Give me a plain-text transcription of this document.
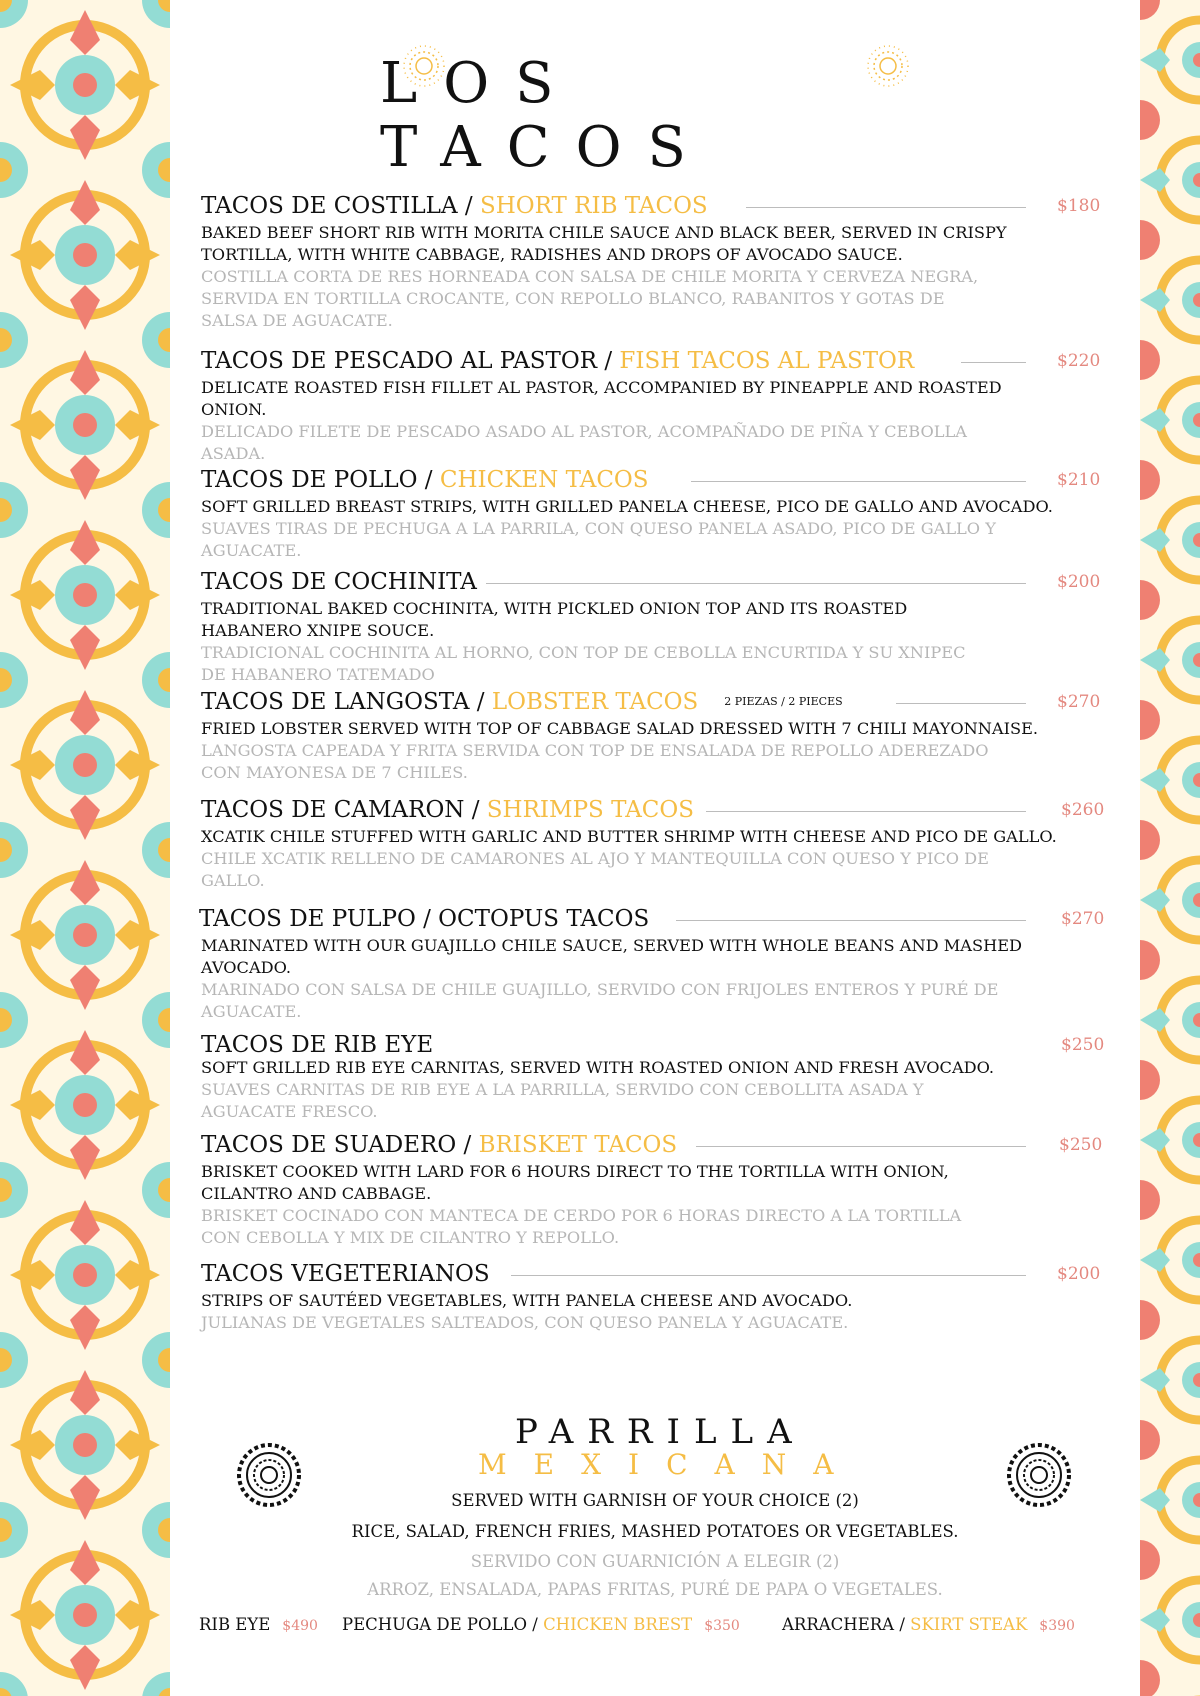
LOS TACOS
TACOS DE COSTILLA / SHORT RIB TACOS	$180
BAKED BEEF SHORT RIB WITH MORITA CHILE SAUCE AND BLACK BEER, SERVED IN CRISPY
TORTILLA, WITH WHITE CABBAGE, RADISHES AND DROPS OF AVOCADO SAUCE.
COSTILLA CORTA DE RES HORNEADA CON SALSA DE CHILE MORITA Y CERVEZA NEGRA,
SERVIDA EN TORTILLA CROCANTE, CON REPOLLO BLANCO, RABANITOS Y GOTAS DE
SALSA DE AGUACATE.
TACOS DE PESCADO AL PASTOR / FISH TACOS AL PASTOR	$220
DELICATE ROASTED FISH FILLET AL PASTOR, ACCOMPANIED BY PINEAPPLE AND ROASTED
ONION.
DELICADO FILETE DE PESCADO ASADO AL PASTOR, ACOMPAÑADO DE PIÑA Y CEBOLLA
ASADA.
TACOS DE POLLO / CHICKEN TACOS	$210
SOFT GRILLED BREAST STRIPS, WITH GRILLED PANELA CHEESE, PICO DE GALLO AND AVOCADO.
SUAVES TIRAS DE PECHUGA A LA PARRILA, CON QUESO PANELA ASADO, PICO DE GALLO Y
AGUACATE.
TACOS DE COCHINITA	$200
TRADITIONAL BAKED COCHINITA, WITH PICKLED ONION TOP AND ITS ROASTED
HABANERO XNIPE SOUCE.
TRADICIONAL COCHINITA AL HORNO, CON TOP DE CEBOLLA ENCURTIDA Y SU XNIPEC
DE HABANERO TATEMADO
TACOS DE LANGOSTA / LOBSTER TACOS 2 PIEZAS / 2 PIECES	$270
FRIED LOBSTER SERVED WITH TOP OF CABBAGE SALAD DRESSED WITH 7 CHILI MAYONNAISE.
LANGOSTA CAPEADA Y FRITA SERVIDA CON TOP DE ENSALADA DE REPOLLO ADEREZADO
CON MAYONESA DE 7 CHILES.
TACOS DE CAMARON / SHRIMPS TACOS	$260
XCATIK CHILE STUFFED WITH GARLIC AND BUTTER SHRIMP WITH CHEESE AND PICO DE GALLO.
CHILE XCATIK RELLENO DE CAMARONES AL AJO Y MANTEQUILLA CON QUESO Y PICO DE
GALLO.
TACOS DE PULPO / OCTOPUS TACOS	$270
MARINATED WITH OUR GUAJILLO CHILE SAUCE, SERVED WITH WHOLE BEANS AND MASHED
AVOCADO.
MARINADO CON SALSA DE CHILE GUAJILLO, SERVIDO CON FRIJOLES ENTEROS Y PURÉ DE
AGUACATE.
TACOS DE RIB EYE	$250
SOFT GRILLED RIB EYE CARNITAS, SERVED WITH ROASTED ONION AND FRESH AVOCADO.
SUAVES CARNITAS DE RIB EYE A LA PARRILLA, SERVIDO CON CEBOLLITA ASADA Y
AGUACATE FRESCO.
TACOS DE SUADERO / BRISKET TACOS	$250
BRISKET COOKED WITH LARD FOR 6 HOURS DIRECT TO THE TORTILLA WITH ONION,
CILANTRO AND CABBAGE.
BRISKET COCINADO CON MANTECA DE CERDO POR 6 HORAS DIRECTO A LA TORTILLA
CON CEBOLLA Y MIX DE CILANTRO Y REPOLLO.
TACOS VEGETERIANOS	$200
STRIPS OF SAUTÉED VEGETABLES, WITH PANELA CHEESE AND AVOCADO.
JULIANAS DE VEGETALES SALTEADOS, CON QUESO PANELA Y AGUACATE.
PARRILLA
MEXICANA
SERVED WITH GARNISH OF YOUR CHOICE (2)
RICE, SALAD, FRENCH FRIES, MASHED POTATOES OR VEGETABLES.
SERVIDO CON GUARNICIÓN A ELEGIR (2)
ARROZ, ENSALADA, PAPAS FRITAS, PURÉ DE PAPA O VEGETALES.
RIB EYE $490 PECHUGA DE POLLO / CHICKEN BREST $350	ARRACHERA / SKIRT STEAK $390
